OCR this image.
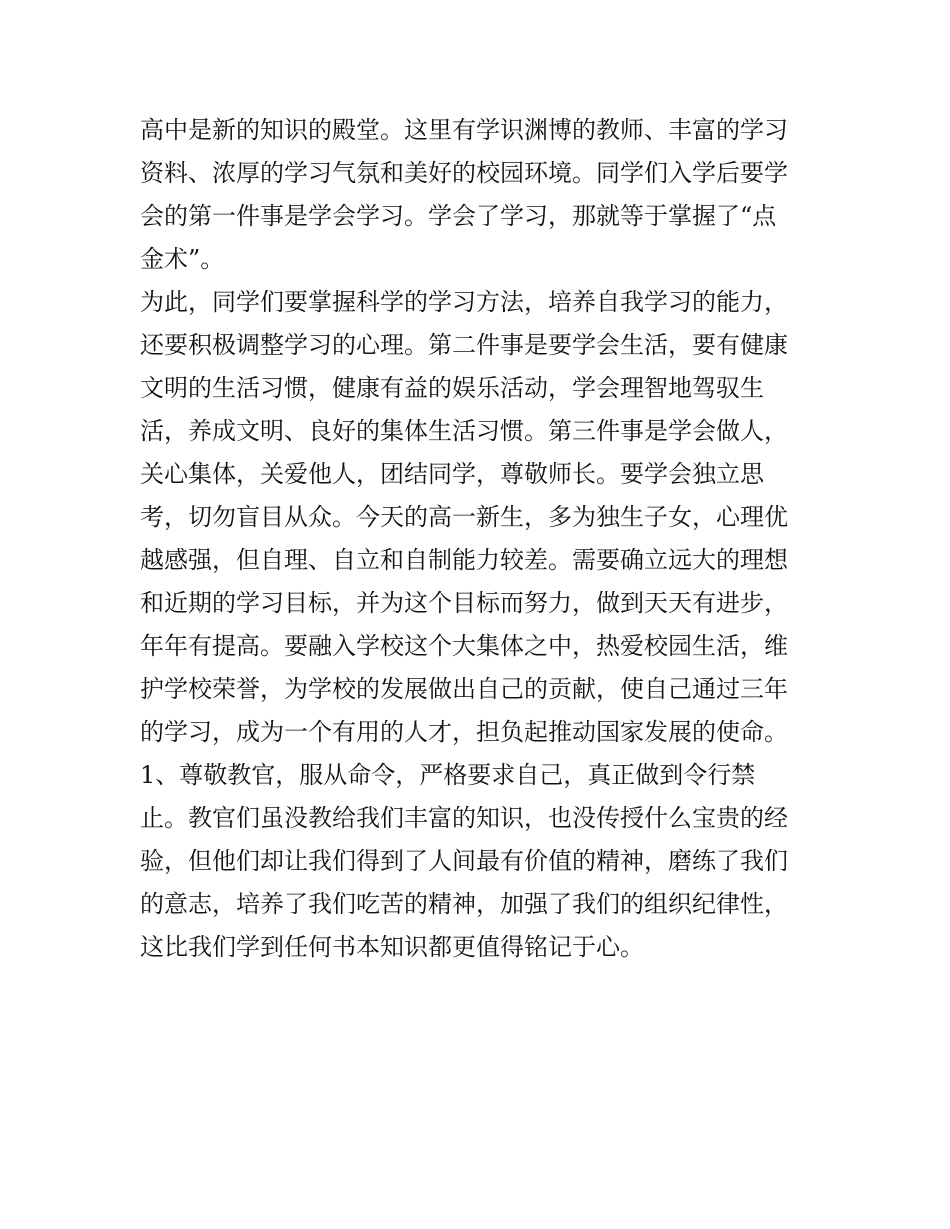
高中是新的知识的殿堂。这里有学识渊博的教师、丰富的学习

资料、浓厚的学习气氛和美好的校园环境。同学们入学后要学

会的第一件事是学会学习。学会了学习，那就等于掌握了“点

金术”。

为此，同学们要掌握科学的学习方法，培养自我学习的能力，

还要积极调整学习的心理。第二件事是要学会生活，要有健康

文明的生活习惯，健康有益的娱乐活动，学会理智地驾驭生

活，养成文明、良好的集体生活习惯。第三件事是学会做人，

关心集体，关爱他人，团结同学，尊敬师长。要学会独立思

考，切勿盲目从众。今天的高一新生，多为独生子女，心理优

越感强，但自理、自立和自制能力较差。需要确立远大的理想

和近期的学习目标，并为这个目标而努力，做到天天有进步，

年年有提高。要融入学校这个大集体之中，热爱校园生活，维

护学校荣誉，为学校的发展做出自己的贡献，使自己通过三年

的学习，成为一个有用的人才，担负起推动国家发展的使命。

1、尊敬教官，服从命令，严格要求自己，真正做到令行禁

止。教官们虽没教给我们丰富的知识，也没传授什么宝贵的经

验，但他们却让我们得到了人间最有价值的精神，磨练了我们

的意志，培养了我们吃苦的精神，加强了我们的组织纪律性，

这比我们学到任何书本知识都更值得铭记于心。
